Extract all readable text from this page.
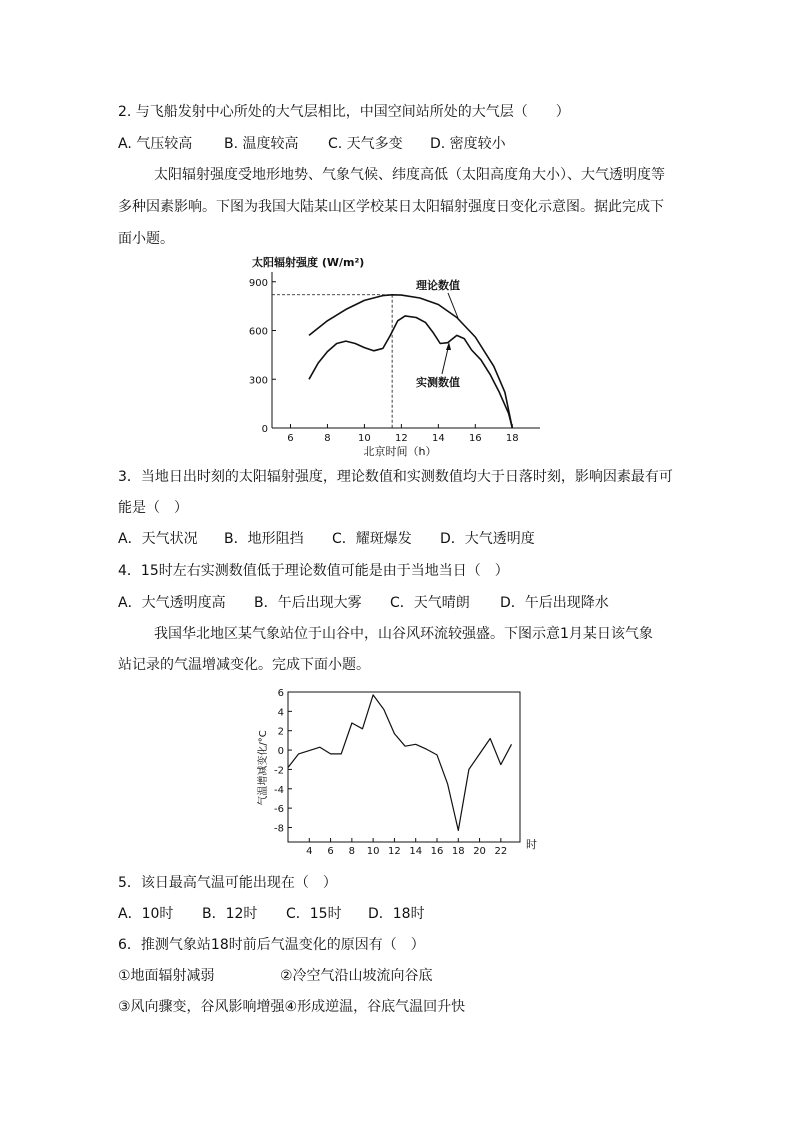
2. 与飞船发射中心所处的大气层相比，中国空间站所处的大气层（　　）
A. 气压较高 B. 温度较高 C. 天气多变 D. 密度较小
太阳辐射强度受地形地势、气象气候、纬度高低（太阳高度角大小）、大气透明度等
多种因素影响。下图为我国大陆某山区学校某日太阳辐射强度日变化示意图。据此完成下
面小题。
太阳辐射强度 (W/m²)
0
300
600
900
6	8	10 12 14 16 18
理论数值
实测数值
北京时间（h）
3．当地日出时刻的太阳辐射强度，理论数值和实测数值均大于日落时刻，影响因素最有可
能是（　）
A．天气状况 B．地形阻挡 C．耀斑爆发 D．大气透明度
4．15时左右实测数值低于理论数值可能是由于当地当日（　）
A．大气透明度高 B．午后出现大雾 C．天气晴朗 D．午后出现降水
我国华北地区某气象站位于山谷中，山谷风环流较强盛。下图示意1月某日该气象
站记录的气温增减变化。完成下面小题。
气温增减变化/°C
-8
-6
-4
-2
0
2
4
6
4 6 8 10 12 14 16 18 20 22
时
5．该日最高气温可能出现在（　）
A．10时 B．12时 C．15时 D．18时
6．推测气象站18时前后气温变化的原因有（　）
①地面辐射减弱	②冷空气沿山坡流向谷底
③风向骤变，谷风影响增强④形成逆温，谷底气温回升快
